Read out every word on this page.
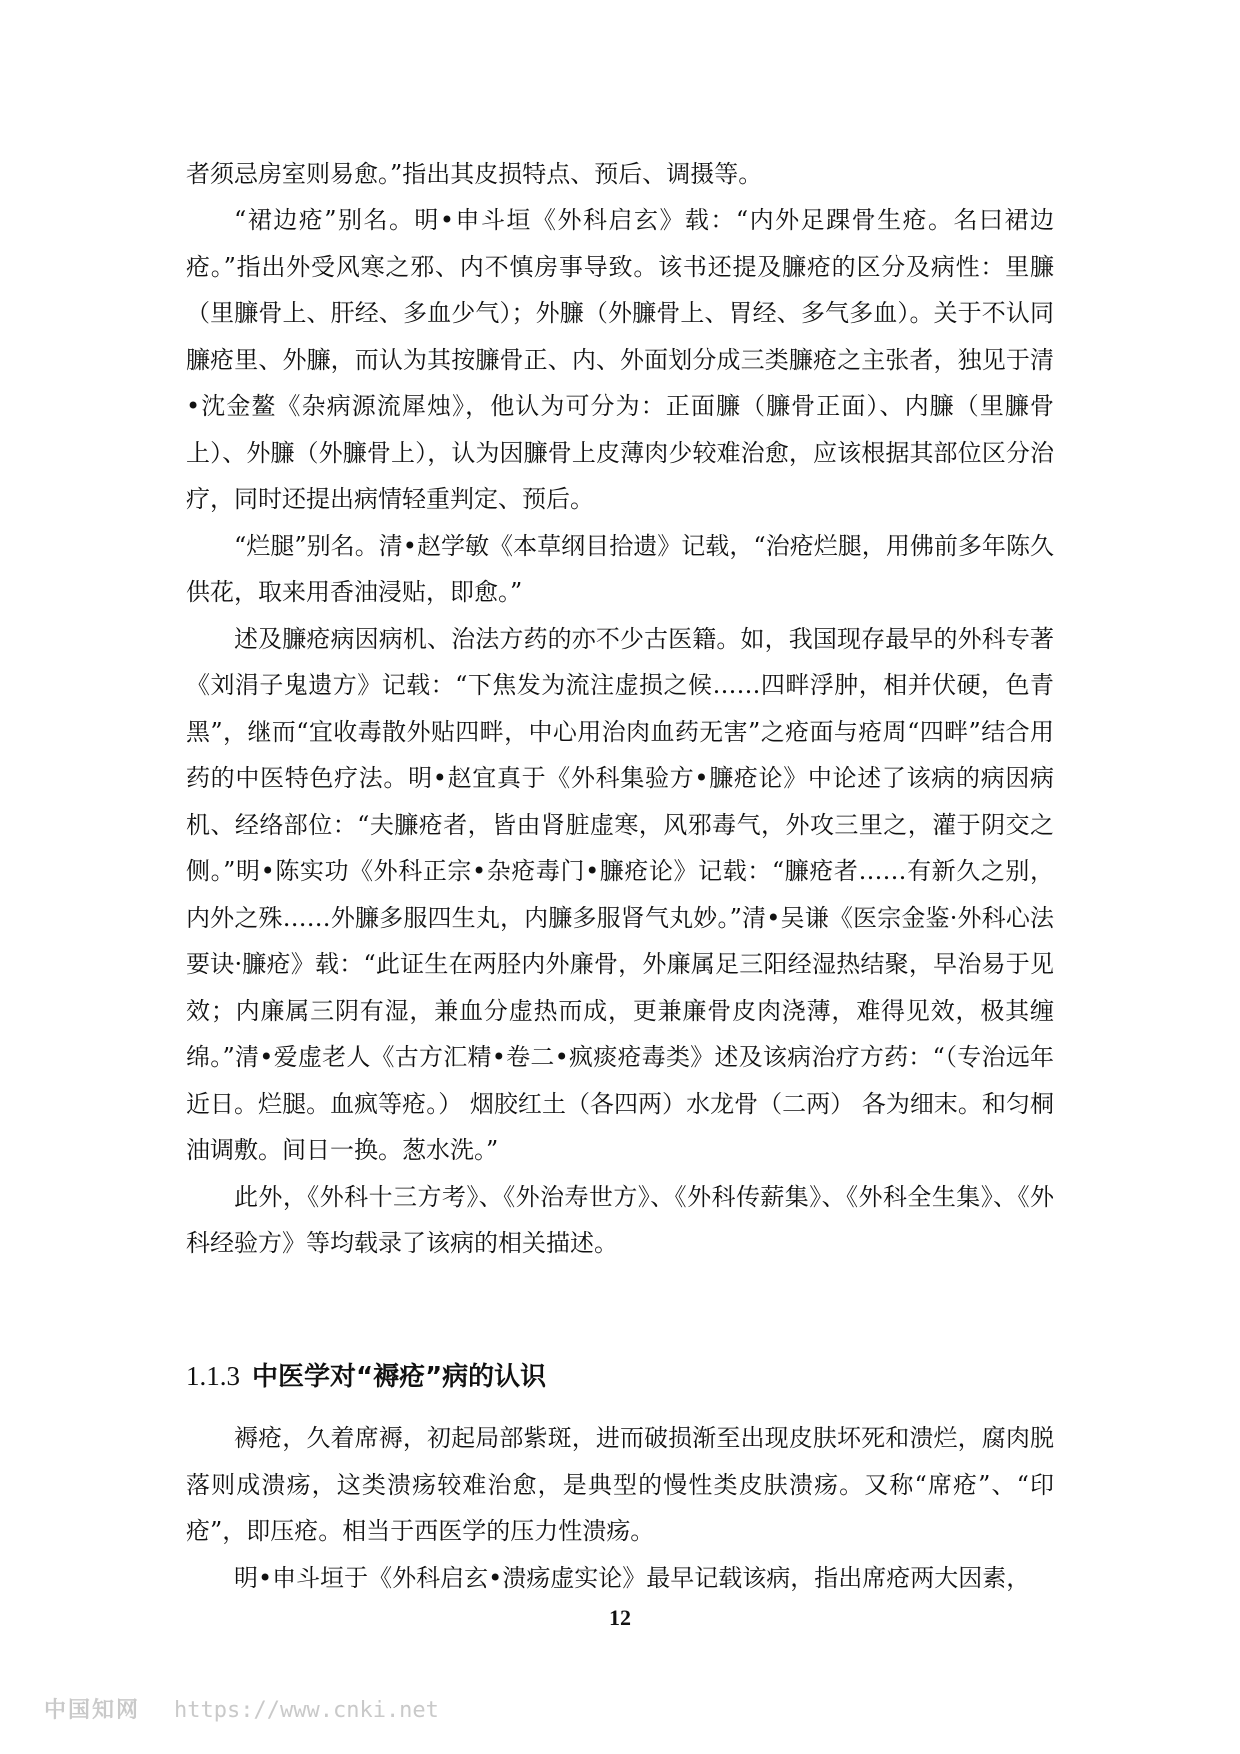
者须忌房室则易愈。”指出其皮损特点、预后、调摄等。

“裙边疮”别名。明•申斗垣《外科启玄》载：“内外足踝骨生疮。名曰裙边疮。”指出外受风寒之邪、内不慎房事导致。该书还提及臁疮的区分及病性：里臁（里臁骨上、肝经、多血少气）；外臁（外臁骨上、胃经、多气多血）。关于不认同臁疮里、外臁，而认为其按臁骨正、内、外面划分成三类臁疮之主张者，独见于清•沈金鳌《杂病源流犀烛》，他认为可分为：正面臁（臁骨正面）、内臁（里臁骨上）、外臁（外臁骨上），认为因臁骨上皮薄肉少较难治愈，应该根据其部位区分治疗，同时还提出病情轻重判定、预后。

“烂腿”别名。清•赵学敏《本草纲目拾遗》记载，“治疮烂腿，用佛前多年陈久供花，取来用香油浸贴，即愈。”

述及臁疮病因病机、治法方药的亦不少古医籍。如，我国现存最早的外科专著《刘涓子鬼遗方》记载：“下焦发为流注虚损之候……四畔浮肿，相并伏硬，色青黑”，继而“宜收毒散外贴四畔，中心用治肉血药无害”之疮面与疮周“四畔”结合用药的中医特色疗法。明•赵宜真于《外科集验方•臁疮论》中论述了该病的病因病机、经络部位：“夫臁疮者，皆由肾脏虚寒，风邪毒气，外攻三里之，灌于阴交之侧。”明•陈实功《外科正宗•杂疮毒门•臁疮论》记载：“臁疮者……有新久之别，内外之殊……外臁多服四生丸，内臁多服肾气丸妙。”清•吴谦《医宗金鉴·外科心法要诀·臁疮》载：“此证生在两胫内外廉骨，外廉属足三阳经湿热结聚，早治易于见效；内廉属三阴有湿，兼血分虚热而成，更兼廉骨皮肉浇薄，难得见效，极其缠绵。”清•爱虚老人《古方汇精•卷二•疯痰疮毒类》述及该病治疗方药：“（专治远年近日。烂腿。血疯等疮。） 烟胶红土（各四两）水龙骨（二两） 各为细末。和匀桐油调敷。间日一换。葱水洗。”

此外，《外科十三方考》、《外治寿世方》、《外科传薪集》、《外科全生集》、《外科经验方》等均载录了该病的相关描述。

1.1.3 中医学对“褥疮”病的认识

褥疮，久着席褥，初起局部紫斑，进而破损渐至出现皮肤坏死和溃烂，腐肉脱落则成溃疡，这类溃疡较难治愈，是典型的慢性类皮肤溃疡。又称“席疮”、“印疮”，即压疮。相当于西医学的压力性溃疡。

明•申斗垣于《外科启玄•溃疡虚实论》最早记载该病，指出席疮两大因素，

12
中国知网 https://www.cnki.net
